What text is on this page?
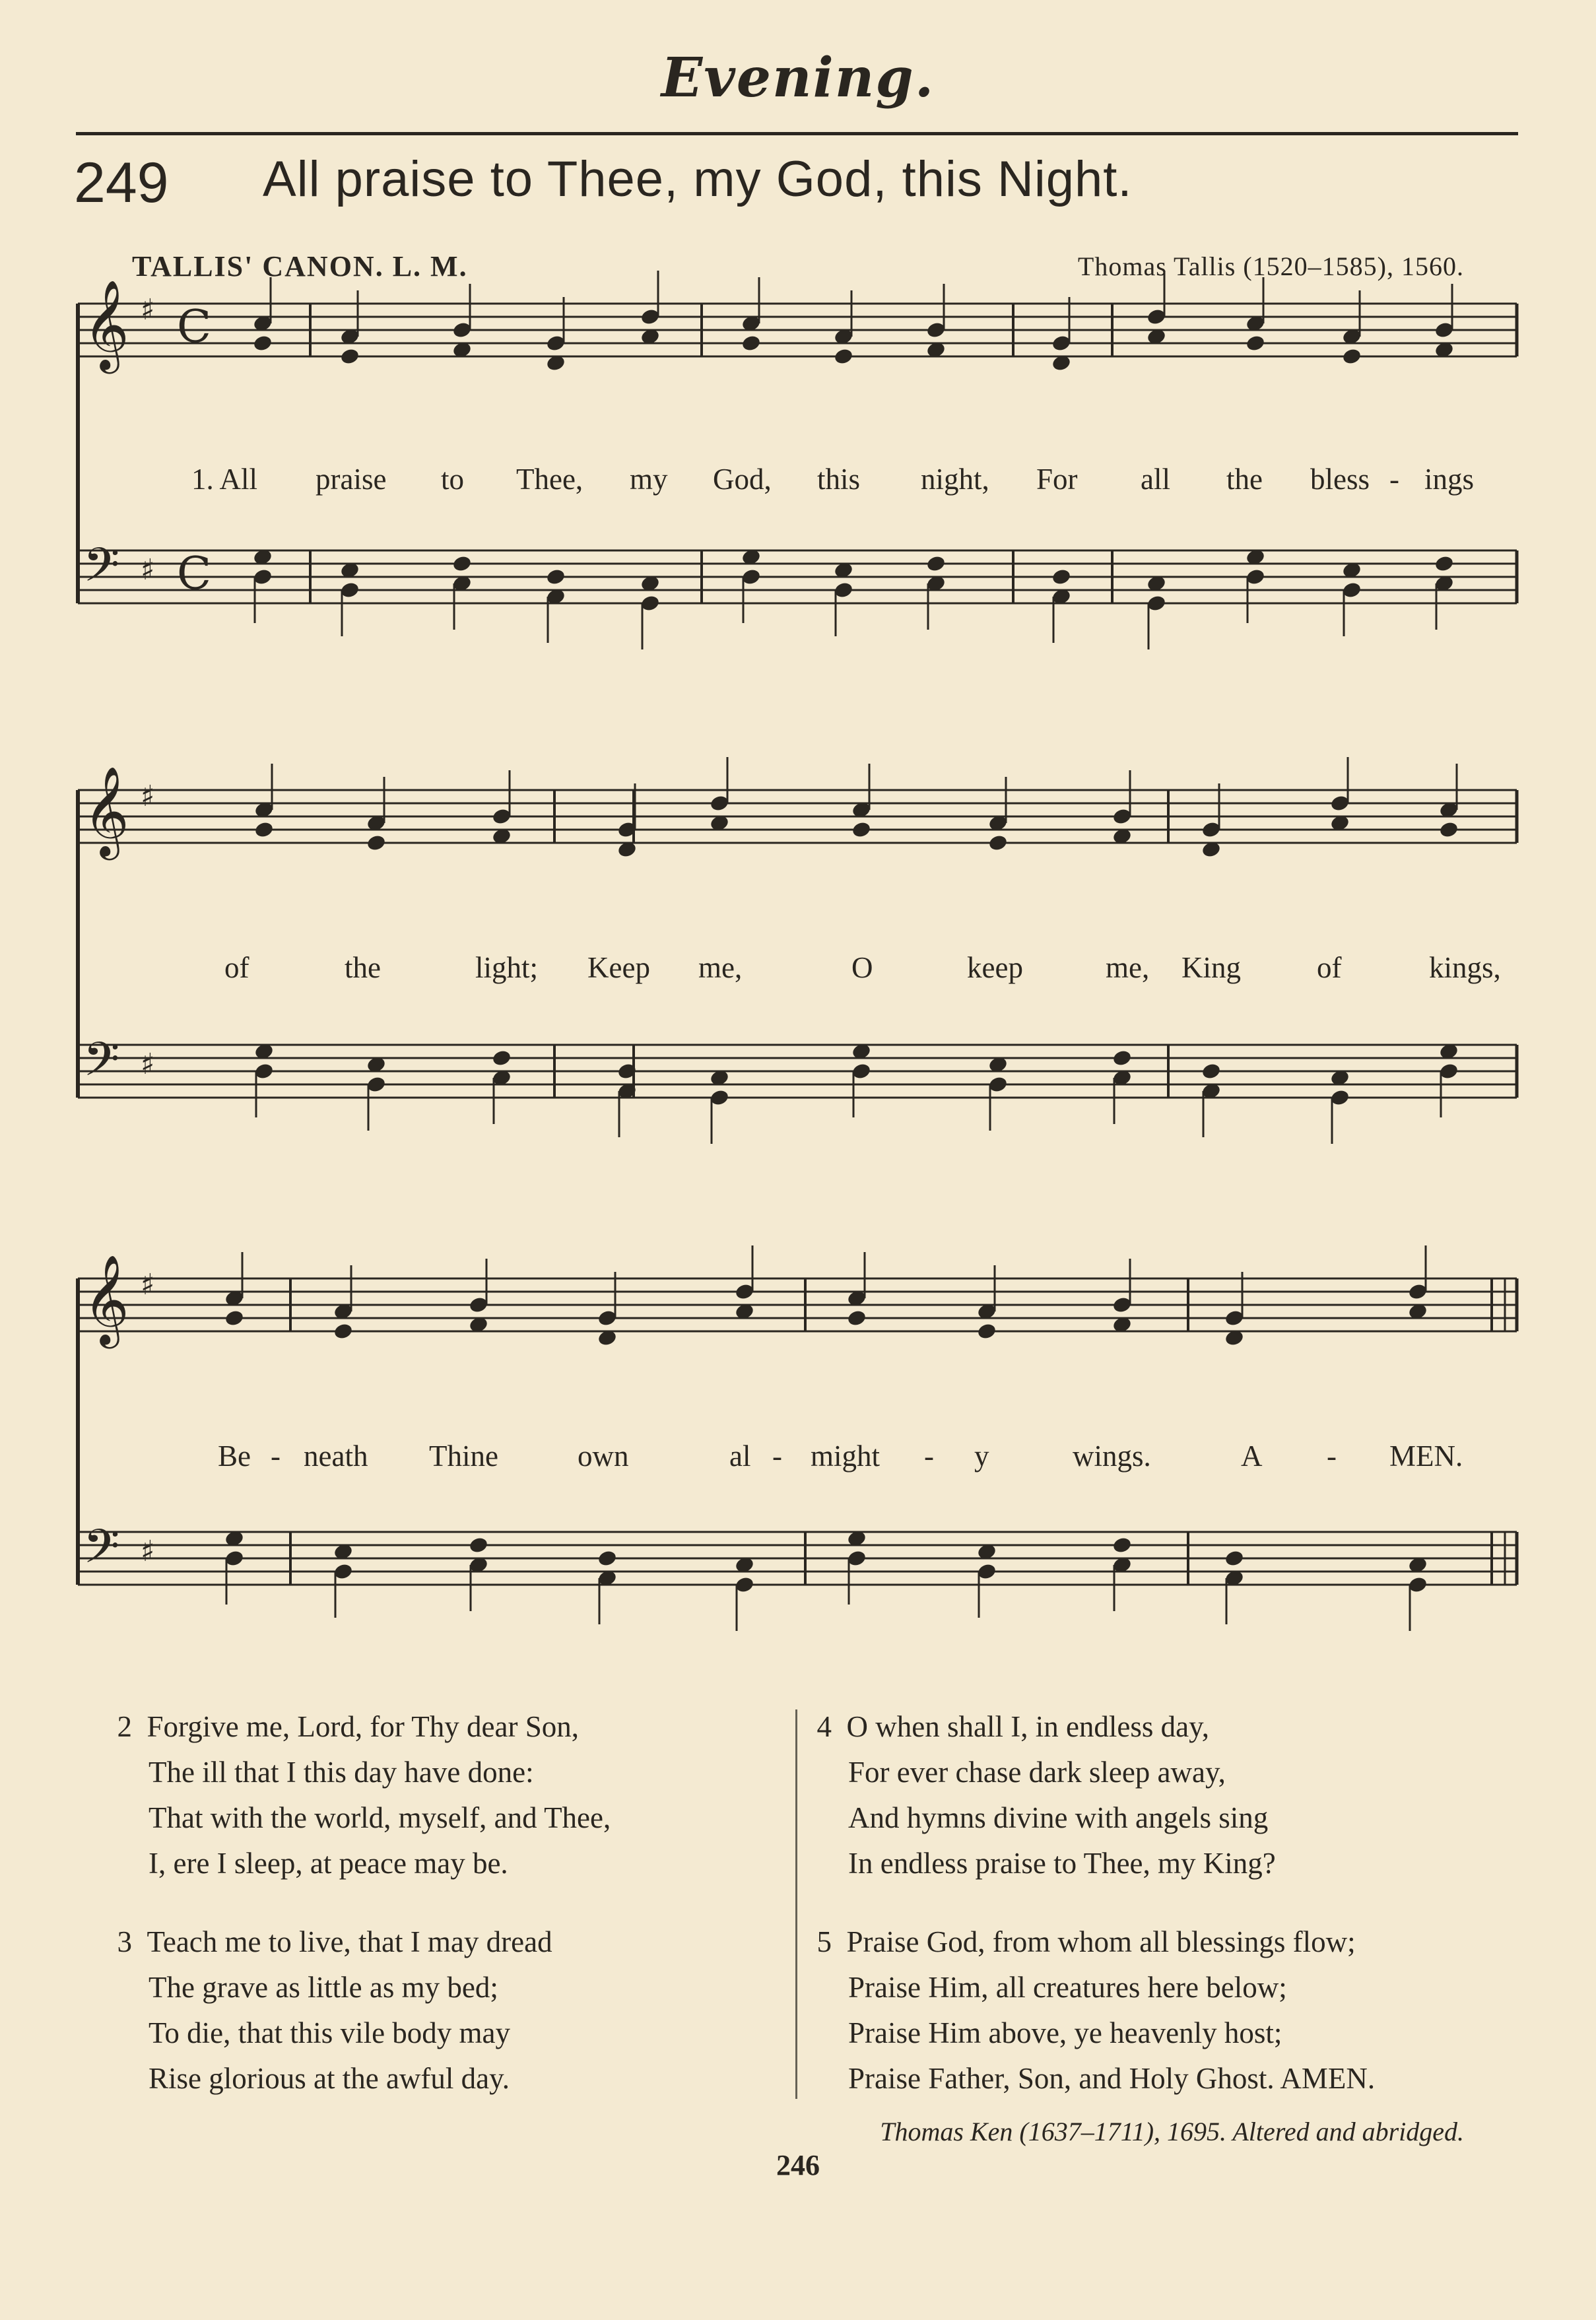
Evening.
249 All praise to Thee, my God, this Night.
TALLIS' CANON. L. M.	Thomas Tallis (1520–1585), 1560.
𝄞 ♯ C
𝄢 ♯ C
𝄞 ♯
𝄢 ♯
𝄞 ♯
𝄢 ♯
1. All praise to Thee, my God, this night, For all the bless - ings
of	the	light; Keep me,	O	keep	me, King	of	kings,
Be - neath Thine	own	al - might - y	wings.	A - MEN.
2 Forgive me, Lord, for Thy dear Son,
The ill that I this day have done:
That with the world, myself, and Thee,
I, ere I sleep, at peace may be.
3 Teach me to live, that I may dread
The grave as little as my bed;
To die, that this vile body may
Rise glorious at the awful day.
4 O when shall I, in endless day,
For ever chase dark sleep away,
And hymns divine with angels sing
In endless praise to Thee, my King?
5 Praise God, from whom all blessings flow;
Praise Him, all creatures here below;
Praise Him above, ye heavenly host;
Praise Father, Son, and Holy Ghost. AMEN.
Thomas Ken (1637–1711), 1695. Altered and abridged.
246
